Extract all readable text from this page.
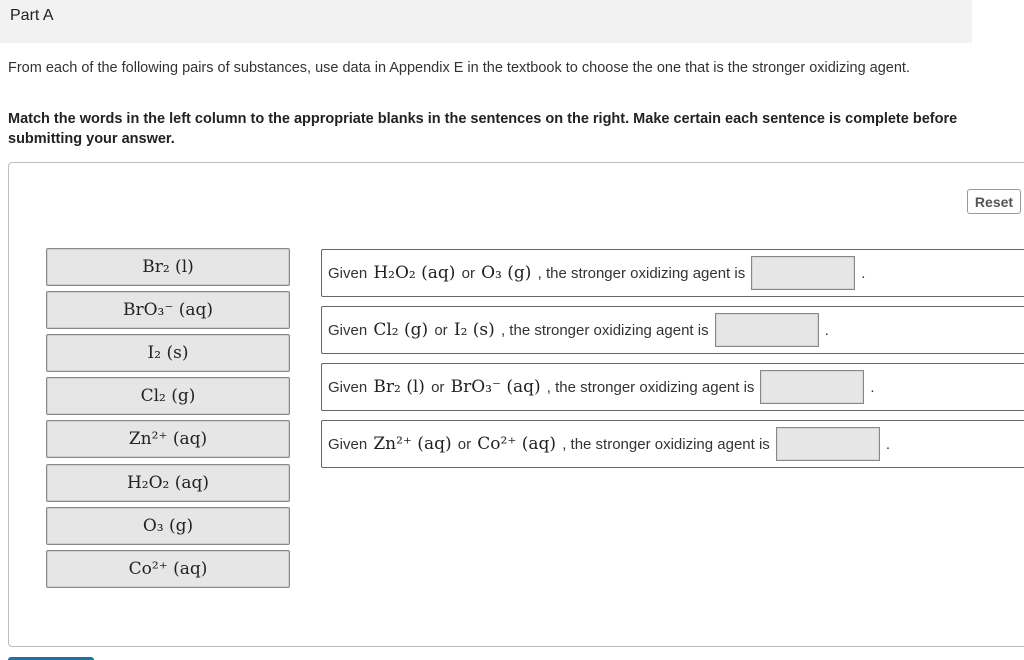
Part A
From each of the following pairs of substances, use data in Appendix E in the textbook to choose the one that is the stronger oxidizing agent.
Match the words in the left column to the appropriate blanks in the sentences on the right. Make certain each sentence is complete before submitting your answer.
Reset
Br₂ (l)
BrO₃⁻ (aq)
I₂ (s)
Cl₂ (g)
Zn²⁺ (aq)
H₂O₂ (aq)
O₃ (g)
Co²⁺ (aq)
Given
H₂O₂ (aq)
or
O₃ (g)
, the stronger oxidizing agent is	.
Given
Cl₂ (g)
or
I₂ (s)
, the stronger oxidizing agent is	.
Given
Br₂ (l)
or
BrO₃⁻ (aq)
, the stronger oxidizing agent is	.
Given
Zn²⁺ (aq)
or
Co²⁺ (aq)
, the stronger oxidizing agent is	.
